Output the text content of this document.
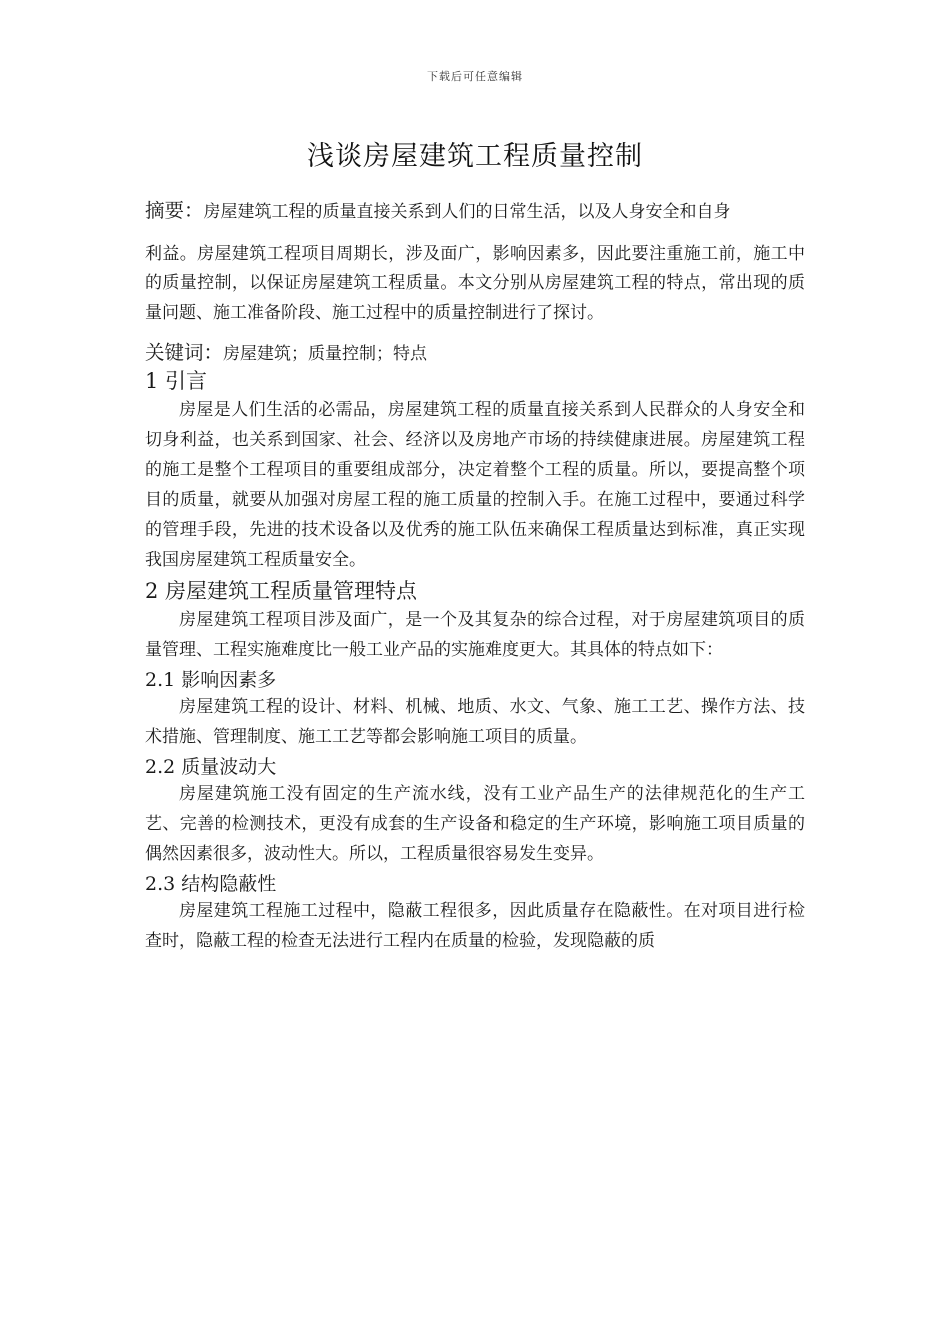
下载后可任意编辑
浅谈房屋建筑工程质量控制

摘要：房屋建筑工程的质量直接关系到人们的日常生活，以及人身安全和自身
利益。房屋建筑工程项目周期长，涉及面广，影响因素多，因此要注重施工前，施工中的质量控制，以保证房屋建筑工程质量。本文分别从房屋建筑工程的特点，常出现的质量问题、施工准备阶段、施工过程中的质量控制进行了探讨。

关键词：房屋建筑；质量控制；特点

1 引言

房屋是人们生活的必需品，房屋建筑工程的质量直接关系到人民群众的人身安全和切身利益，也关系到国家、社会、经济以及房地产市场的持续健康进展。房屋建筑工程的施工是整个工程项目的重要组成部分，决定着整个工程的质量。所以，要提高整个项目的质量，就要从加强对房屋工程的施工质量的控制入手。在施工过程中，要通过科学的管理手段，先进的技术设备以及优秀的施工队伍来确保工程质量达到标准，真正实现我国房屋建筑工程质量安全。

2 房屋建筑工程质量管理特点

房屋建筑工程项目涉及面广，是一个及其复杂的综合过程，对于房屋建筑项目的质量管理、工程实施难度比一般工业产品的实施难度更大。其具体的特点如下：

2.1 影响因素多

房屋建筑工程的设计、材料、机械、地质、水文、气象、施工工艺、操作方法、技术措施、管理制度、施工工艺等都会影响施工项目的质量。

2.2 质量波动大

房屋建筑施工没有固定的生产流水线，没有工业产品生产的法律规范化的生产工艺、完善的检测技术，更没有成套的生产设备和稳定的生产环境，影响施工项目质量的偶然因素很多，波动性大。所以，工程质量很容易发生变异。

2.3 结构隐蔽性

房屋建筑工程施工过程中，隐蔽工程很多，因此质量存在隐蔽性。在对项目进行检查时，隐蔽工程的检查无法进行工程内在质量的检验，发现隐蔽的质
